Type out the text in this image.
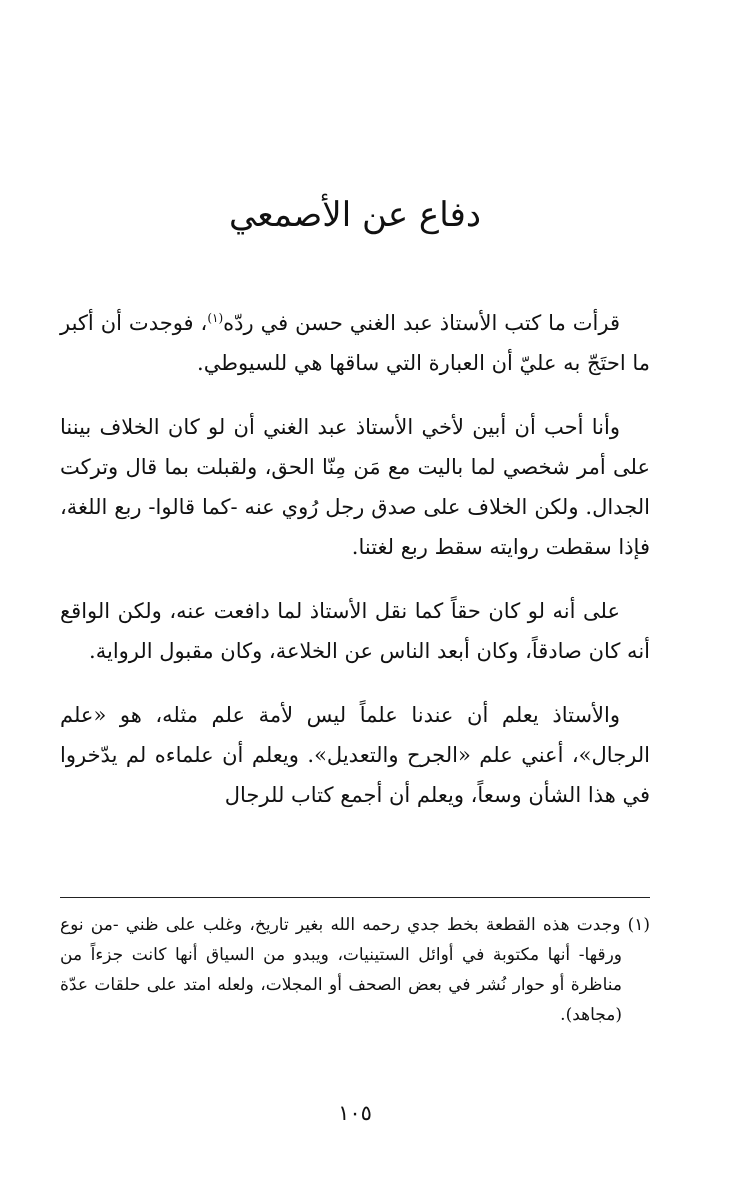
دفاع عن الأصمعي

قرأت ما كتب الأستاذ عبد الغني حسن في ردّه$^{(١)}$، فوجدت أن أكبر ما احتَجّ به عليّ أن العبارة التي ساقها هي للسيوطي.

وأنا أحب أن أبين لأخي الأستاذ عبد الغني أن لو كان الخلاف بيننا على أمر شخصي لما باليت مع مَن مِنّا الحق، ولقبلت بما قال وتركت الجدال. ولكن الخلاف على صدق رجل رُوي عنه -كما قالوا- ربع اللغة، فإذا سقطت روايته سقط ربع لغتنا.

على أنه لو كان حقاً كما نقل الأستاذ لما دافعت عنه، ولكن الواقع أنه كان صادقاً، وكان أبعد الناس عن الخلاعة، وكان مقبول الرواية.

والأستاذ يعلم أن عندنا علماً ليس لأمة علم مثله، هو «علم الرجال»، أعني علم «الجرح والتعديل». ويعلم أن علماءه لم يدّخروا في هذا الشأن وسعاً، ويعلم أن أجمع كتاب للرجال

(١) وجدت هذه القطعة بخط جدي رحمه الله بغير تاريخ، وغلب على ظني -من نوع ورقها- أنها مكتوبة في أوائل الستينيات، ويبدو من السياق أنها كانت جزءاً من مناظرة أو حوار نُشر في بعض الصحف أو المجلات، ولعله امتد على حلقات عدّة (مجاهد).

١٠٥
